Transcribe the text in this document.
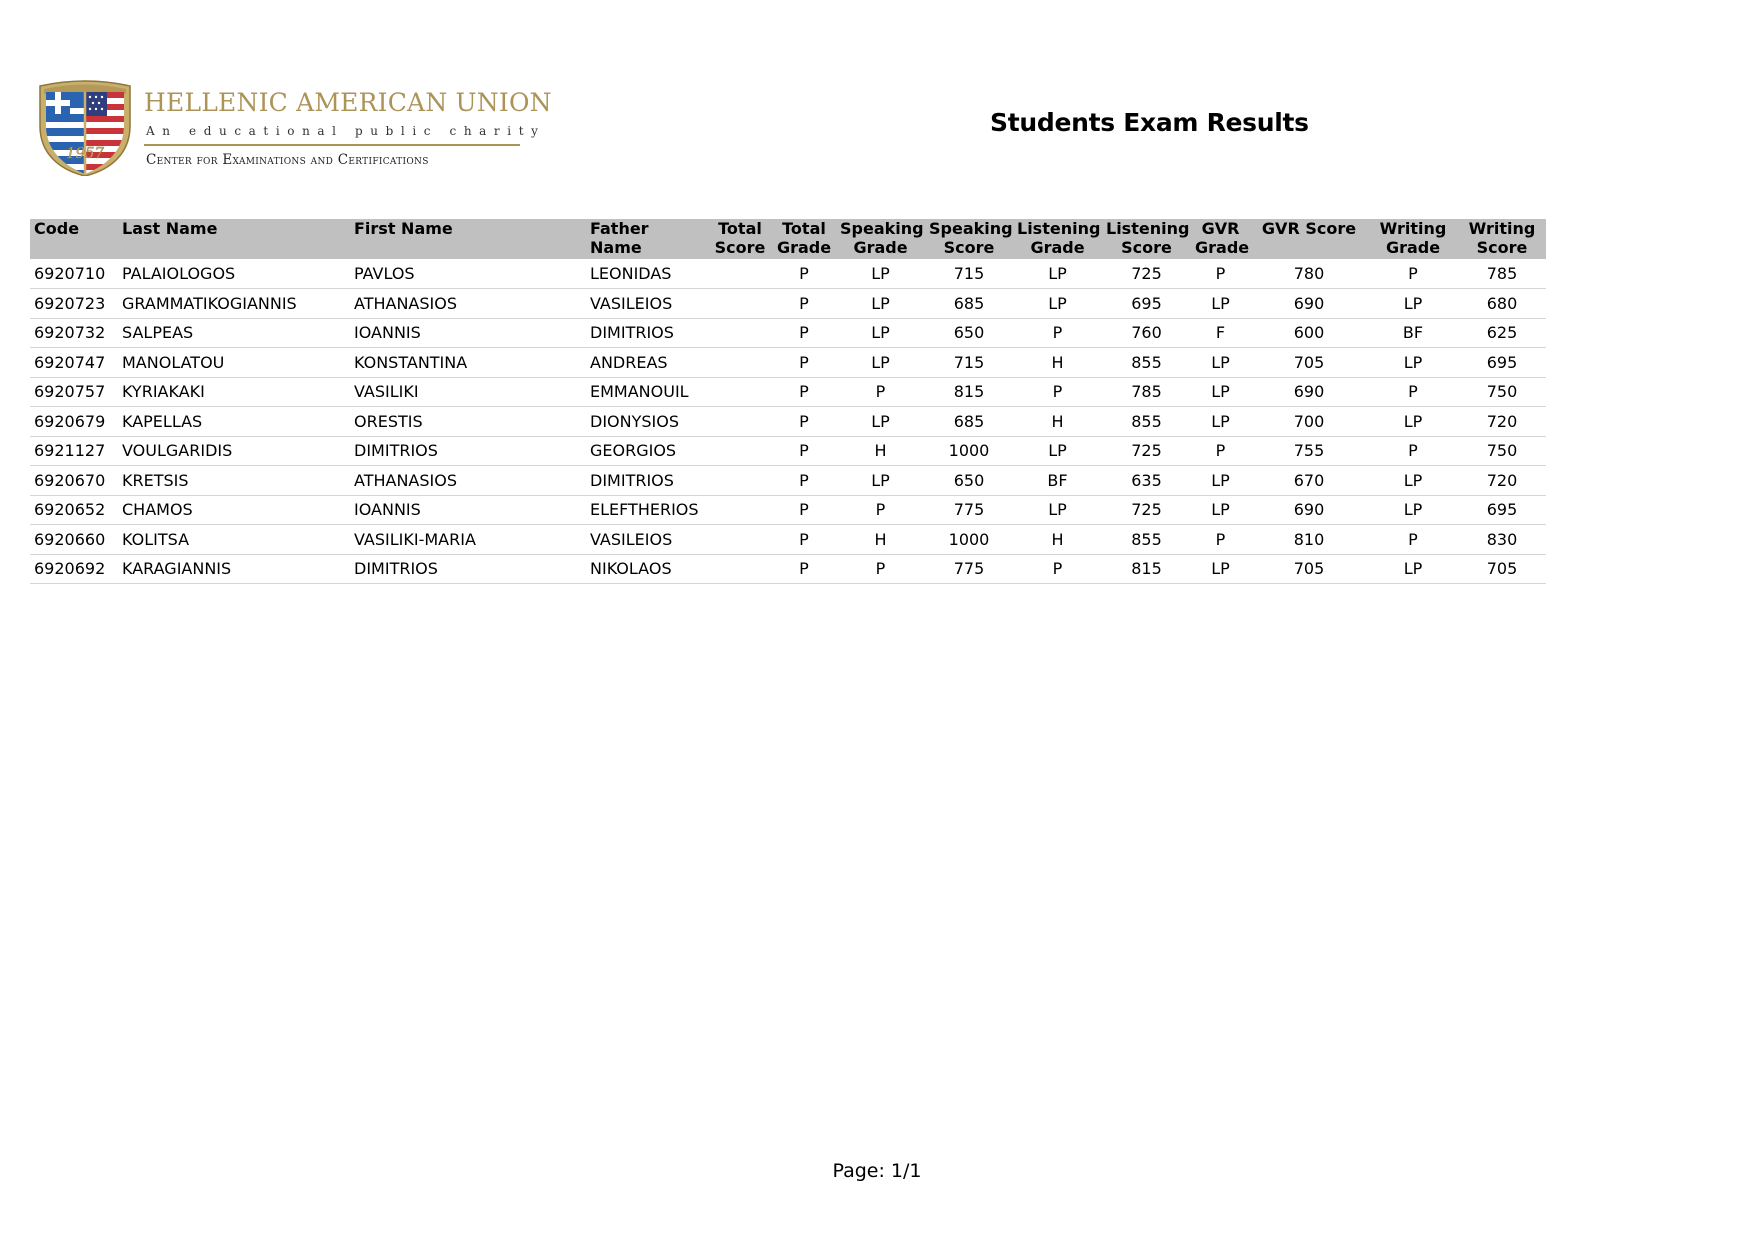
1957
HELLENIC AMERICAN UNION
An educational public charity
Center for Examinations and Certifications
Students Exam Results
Code	Last Name	First Name	Father Name	Total Score	Total Grade	Speaking Grade	Speaking Score	Listening Grade	Listening Score	GVR Grade	GVR Score	Writing Grade	Writing Score
6920710	PALAIOLOGOS	PAVLOS	LEONIDAS		P	LP	715	LP	725	P	780	P	785
6920723	GRAMMATIKOGIANNIS	ATHANASIOS	VASILEIOS		P	LP	685	LP	695	LP	690	LP	680
6920732	SALPEAS	IOANNIS	DIMITRIOS		P	LP	650	P	760	F	600	BF	625
6920747	MANOLATOU	KONSTANTINA	ANDREAS		P	LP	715	H	855	LP	705	LP	695
6920757	KYRIAKAKI	VASILIKI	EMMANOUIL		P	P	815	P	785	LP	690	P	750
6920679	KAPELLAS	ORESTIS	DIONYSIOS		P	LP	685	H	855	LP	700	LP	720
6921127	VOULGARIDIS	DIMITRIOS	GEORGIOS		P	H	1000	LP	725	P	755	P	750
6920670	KRETSIS	ATHANASIOS	DIMITRIOS		P	LP	650	BF	635	LP	670	LP	720
6920652	CHAMOS	IOANNIS	ELEFTHERIOS		P	P	775	LP	725	LP	690	LP	695
6920660	KOLITSA	VASILIKI-MARIA	VASILEIOS		P	H	1000	H	855	P	810	P	830
6920692	KARAGIANNIS	DIMITRIOS	NIKOLAOS		P	P	775	P	815	LP	705	LP	705
Page: 1/1
